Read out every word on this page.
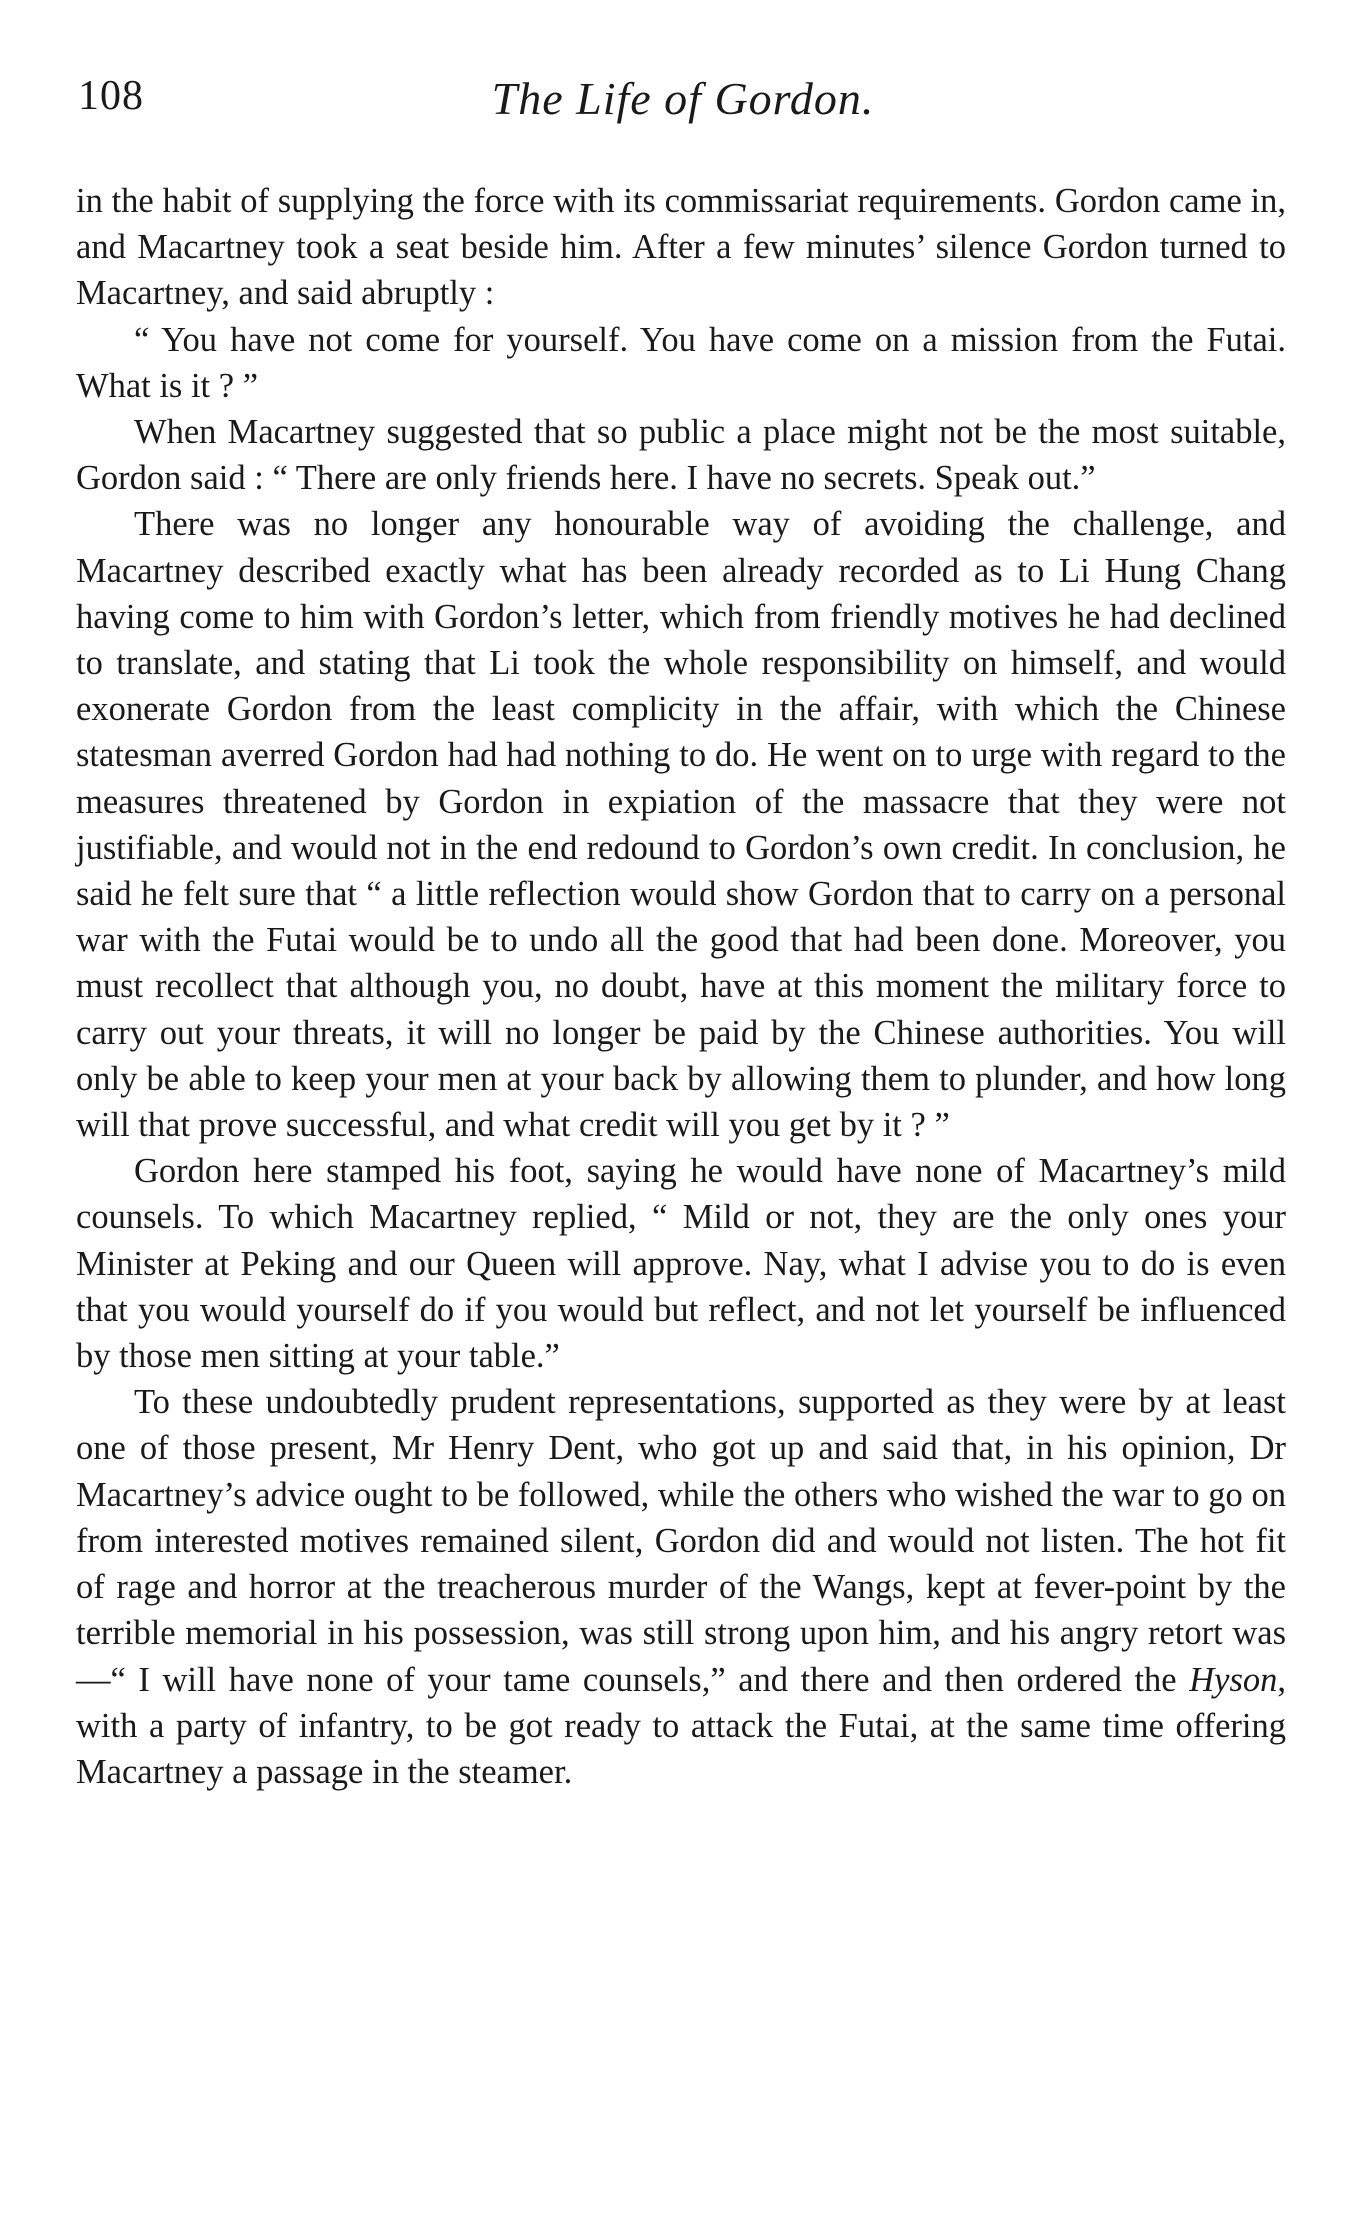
108	The Life of Gordon.

in the habit of supplying the force with its commissariat requirements. Gordon came in, and Macartney took a seat beside him. After a few minutes’ silence Gordon turned to Macartney, and said abruptly :

“ You have not come for yourself. You have come on a mission from the Futai. What is it ? ”

When Macartney suggested that so public a place might not be the most suitable, Gordon said : “ There are only friends here. I have no secrets. Speak out.”

There was no longer any honourable way of avoiding the challenge, and Macartney described exactly what has been already recorded as to Li Hung Chang having come to him with Gordon’s letter, which from friendly motives he had declined to translate, and stating that Li took the whole responsibility on himself, and would exonerate Gordon from the least complicity in the affair, with which the Chinese statesman averred Gordon had had nothing to do. He went on to urge with regard to the measures threatened by Gordon in expiation of the massacre that they were not justifiable, and would not in the end redound to Gordon’s own credit. In conclusion, he said he felt sure that “ a little reflection would show Gordon that to carry on a personal war with the Futai would be to undo all the good that had been done. Moreover, you must recollect that although you, no doubt, have at this moment the military force to carry out your threats, it will no longer be paid by the Chinese authorities. You will only be able to keep your men at your back by allowing them to plunder, and how long will that prove successful, and what credit will you get by it ? ”

Gordon here stamped his foot, saying he would have none of Macartney’s mild counsels. To which Macartney replied, “ Mild or not, they are the only ones your Minister at Peking and our Queen will approve. Nay, what I advise you to do is even that you would yourself do if you would but reflect, and not let yourself be influenced by those men sitting at your table.”

To these undoubtedly prudent representations, supported as they were by at least one of those present, Mr Henry Dent, who got up and said that, in his opinion, Dr Macartney’s advice ought to be followed, while the others who wished the war to go on from interested motives remained silent, Gordon did and would not listen. The hot fit of rage and horror at the treacherous murder of the Wangs, kept at fever-point by the terrible memorial in his possession, was still strong upon him, and his angry retort was—“ I will have none of your tame counsels,” and there and then ordered the Hyson, with a party of infantry, to be got ready to attack the Futai, at the same time offering Macartney a passage in the steamer.
